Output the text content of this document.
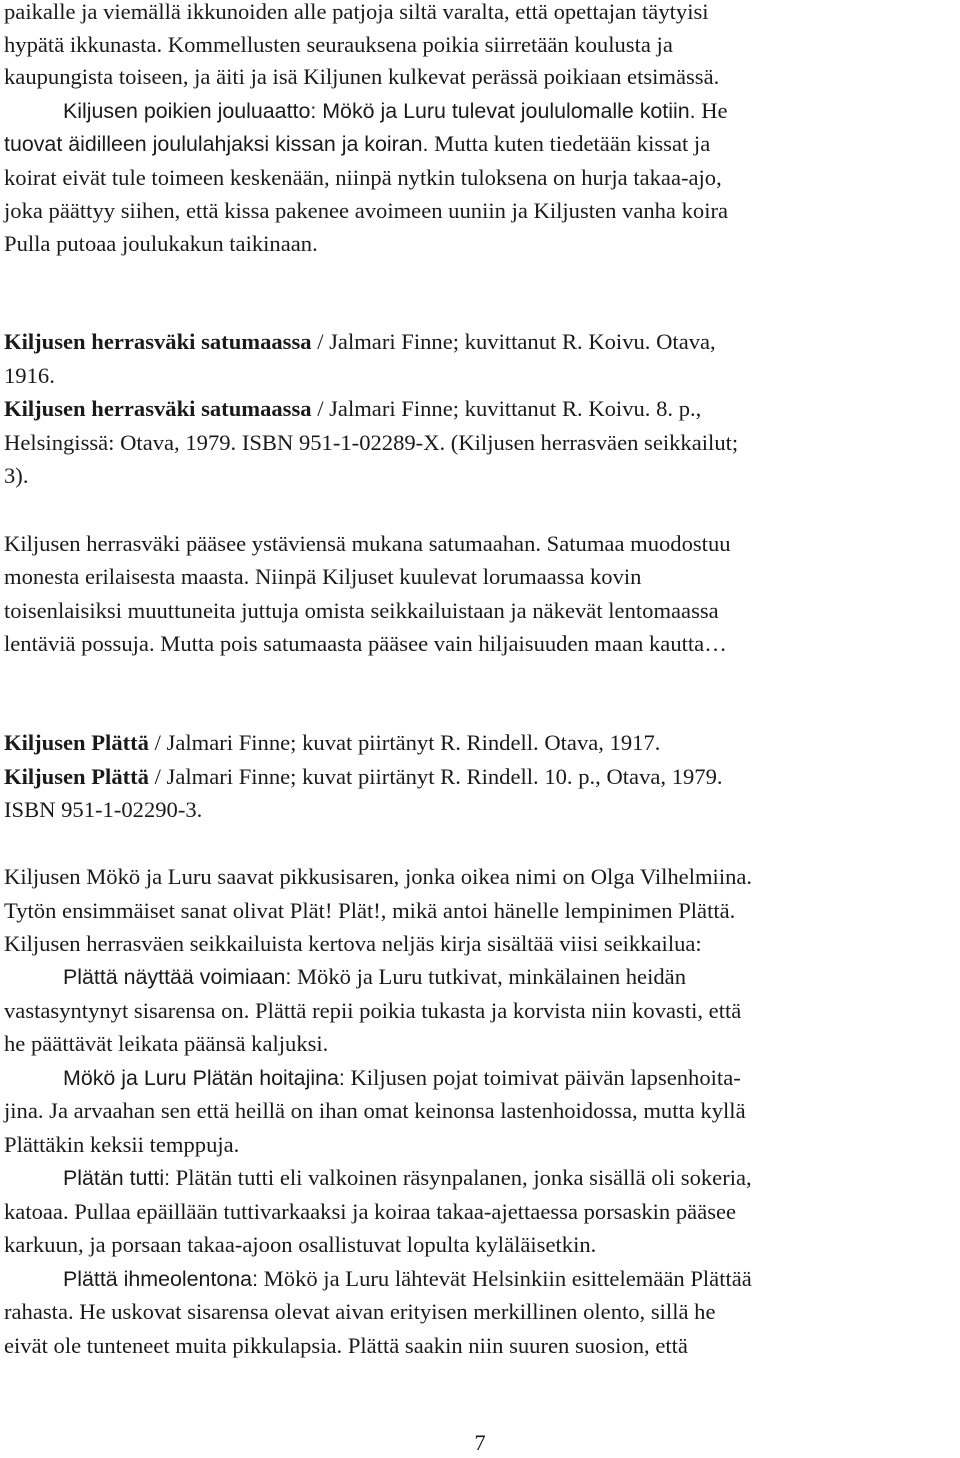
paikalle ja viemällä ikkunoiden alle patjoja siltä varalta, että opettajan täytyisi
hypätä ikkunasta. Kommellusten seurauksena poikia siirretään koulusta ja
kaupungista toiseen, ja äiti ja isä Kiljunen kulkevat perässä poikiaan etsimässä.
Kiljusen poikien jouluaatto: Mökö ja Luru tulevat joululomalle kotiin. He
tuovat äidilleen joululahjaksi kissan ja koiran. Mutta kuten tiedetään kissat ja
koirat eivät tule toimeen keskenään, niinpä nytkin tuloksena on hurja takaa-ajo,
joka päättyy siihen, että kissa pakenee avoimeen uuniin ja Kiljusten vanha koira
Pulla putoaa joulukakun taikinaan.
Kiljusen herrasväki satumaassa / Jalmari Finne; kuvittanut R. Koivu. Otava,
1916.
Kiljusen herrasväki satumaassa / Jalmari Finne; kuvittanut R. Koivu. 8. p.,
Helsingissä: Otava, 1979. ISBN 951-1-02289-X. (Kiljusen herrasväen seikkailut;
3).
Kiljusen herrasväki pääsee ystäviensä mukana satumaahan. Satumaa muodostuu
monesta erilaisesta maasta. Niinpä Kiljuset kuulevat lorumaassa kovin
toisenlaisiksi muuttuneita juttuja omista seikkailuistaan ja näkevät lentomaassa
lentäviä possuja. Mutta pois satumaasta pääsee vain hiljaisuuden maan kautta…
Kiljusen Plättä / Jalmari Finne; kuvat piirtänyt R. Rindell. Otava, 1917.
Kiljusen Plättä / Jalmari Finne; kuvat piirtänyt R. Rindell. 10. p., Otava, 1979.
ISBN 951-1-02290-3.
Kiljusen Mökö ja Luru saavat pikkusisaren, jonka oikea nimi on Olga Vilhelmiina.
Tytön ensimmäiset sanat olivat Plät! Plät!, mikä antoi hänelle lempinimen Plättä.
Kiljusen herrasväen seikkailuista kertova neljäs kirja sisältää viisi seikkailua:
Plättä näyttää voimiaan: Mökö ja Luru tutkivat, minkälainen heidän
vastasyntynyt sisarensa on. Plättä repii poikia tukasta ja korvista niin kovasti, että
he päättävät leikata päänsä kaljuksi.
Mökö ja Luru Plätän hoitajina: Kiljusen pojat toimivat päivän lapsenhoita-
jina. Ja arvaahan sen että heillä on ihan omat keinonsa lastenhoidossa, mutta kyllä
Plättäkin keksii temppuja.
Plätän tutti: Plätän tutti eli valkoinen räsynpalanen, jonka sisällä oli sokeria,
katoaa. Pullaa epäillään tuttivarkaaksi ja koiraa takaa-ajettaessa porsaskin pääsee
karkuun, ja porsaan takaa-ajoon osallistuvat lopulta kyläläisetkin.
Plättä ihmeolentona: Mökö ja Luru lähtevät Helsinkiin esittelemään Plättää
rahasta. He uskovat sisarensa olevat aivan erityisen merkillinen olento, sillä he
eivät ole tunteneet muita pikkulapsia. Plättä saakin niin suuren suosion, että
7
